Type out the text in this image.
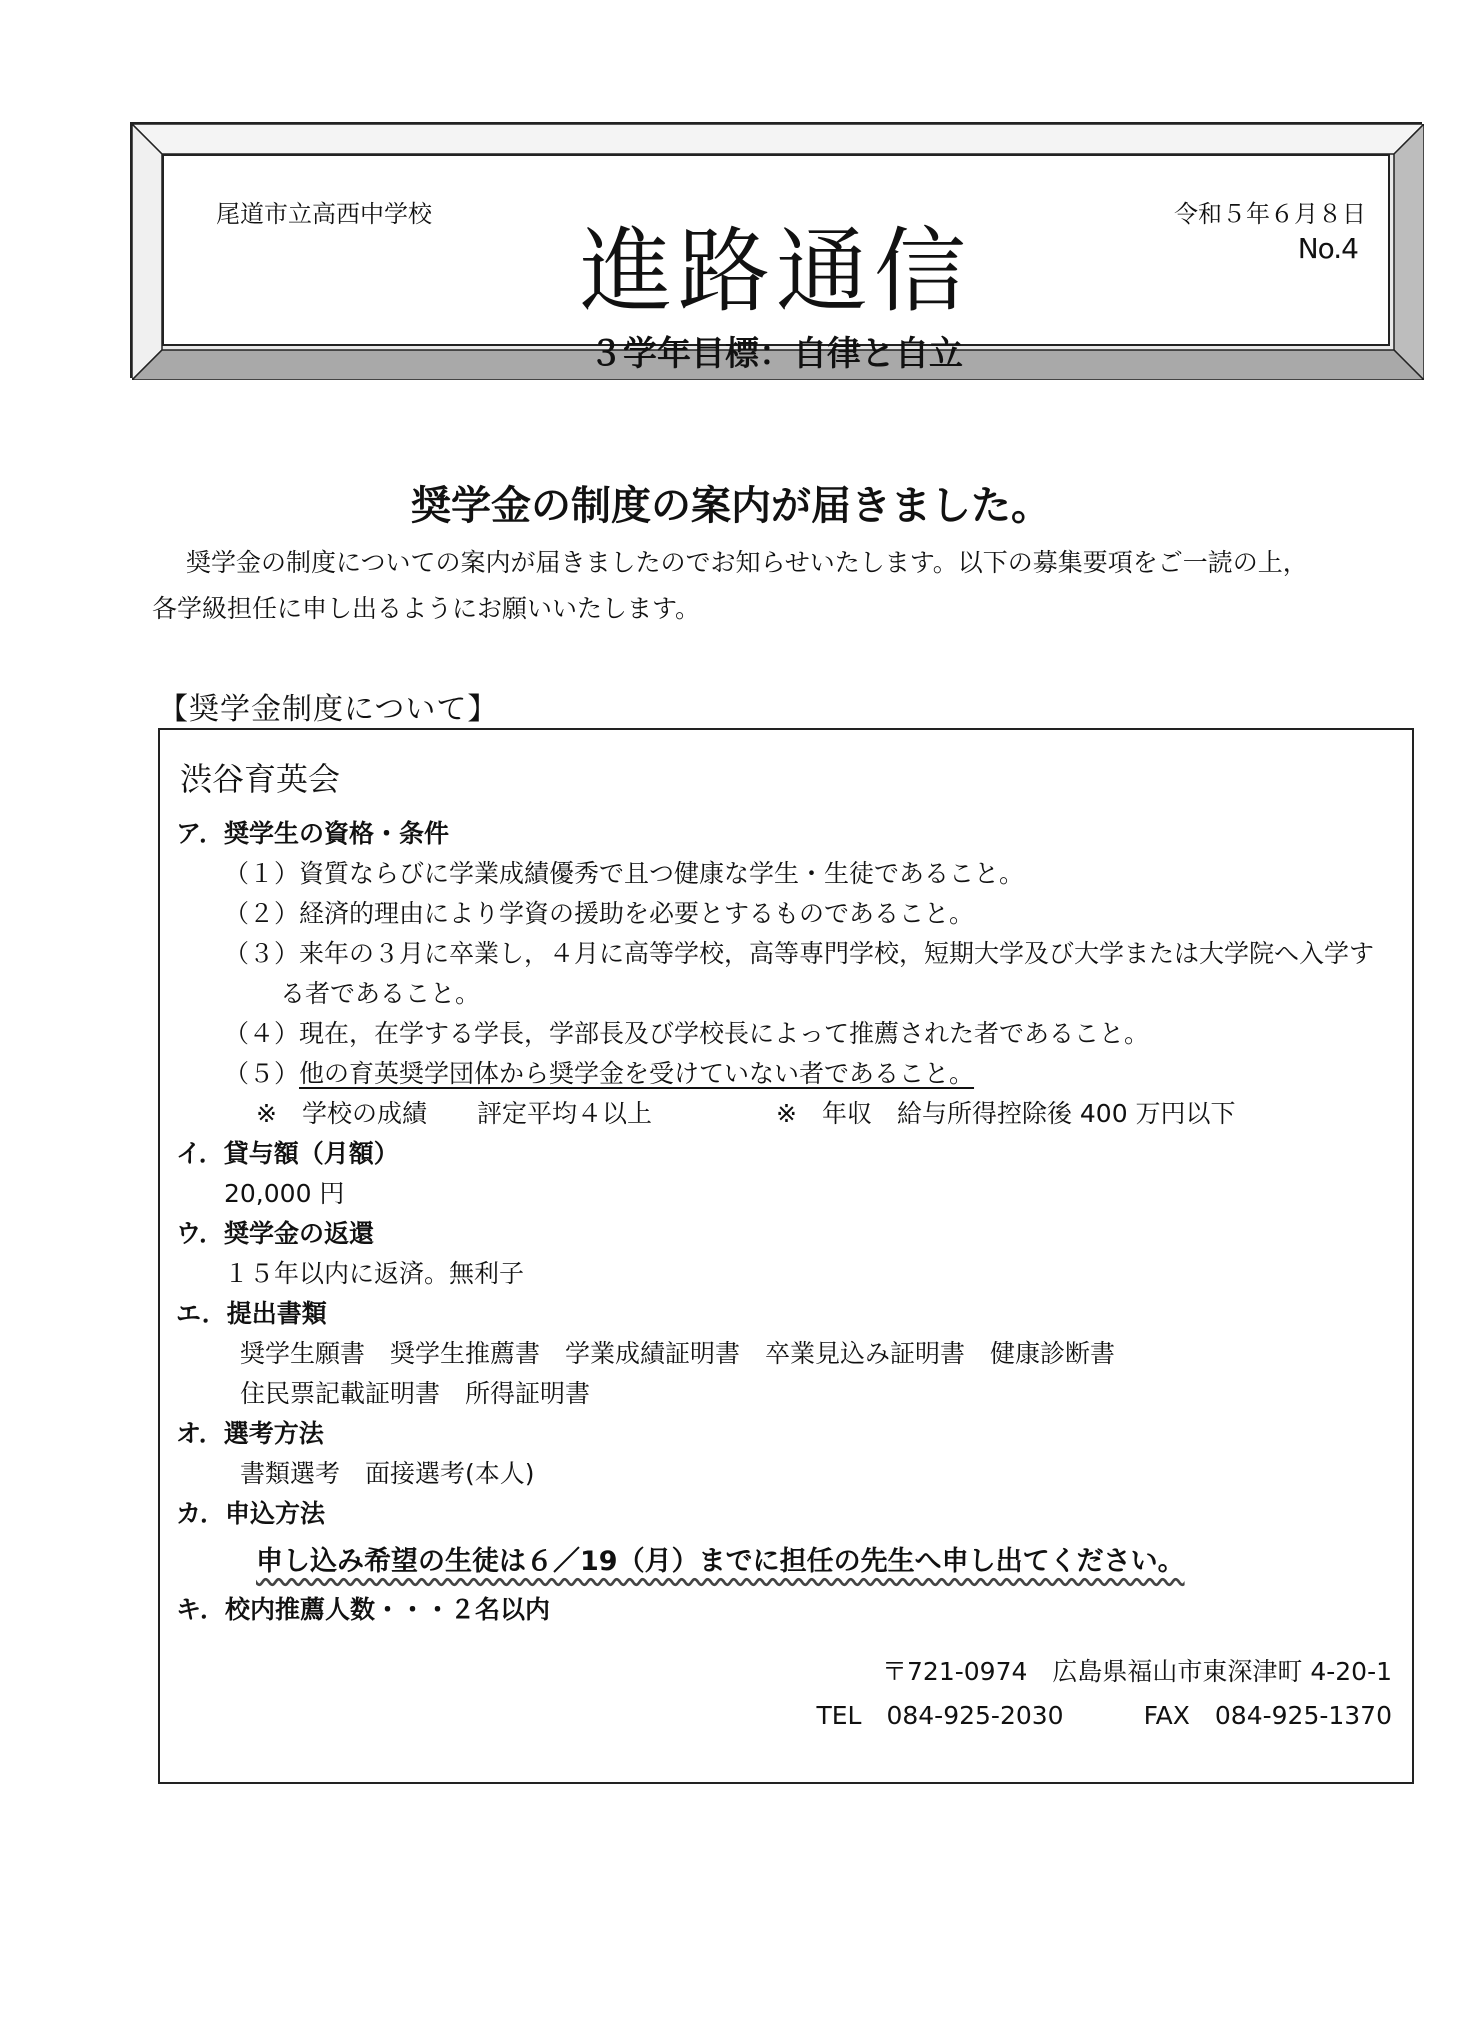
尾道市立高西中学校	令和５年６月８日
No.4
進路通信
３学年目標：自律と自立
奨学金の制度の案内が届きました。
奨学金の制度についての案内が届きましたのでお知らせいたします。以下の募集要項をご一読の上，
各学級担任に申し出るようにお願いいたします。
【奨学金制度について】
渋谷育英会
ア．奨学生の資格・条件
（１）資質ならびに学業成績優秀で且つ健康な学生・生徒であること。
（２）経済的理由により学資の援助を必要とするものであること。
（３）来年の３月に卒業し，４月に高等学校，高等専門学校，短期大学及び大学または大学院へ入学す
る者であること。
（４）現在，在学する学長，学部長及び学校長によって推薦された者であること。
（５）他の育英奨学団体から奨学金を受けていない者であること。
※　学校の成績　　評定平均４以上	※　年収　給与所得控除後 400 万円以下
イ．貸与額（月額）
20,000 円
ウ．奨学金の返還
１５年以内に返済。無利子
エ．提出書類
奨学生願書　奨学生推薦書　学業成績証明書　卒業見込み証明書　健康診断書
住民票記載証明書　所得証明書
オ．選考方法
書類選考　面接選考(本人)
カ．申込方法
申し込み希望の生徒は６／19（月）までに担任の先生へ申し出てください。
キ．校内推薦人数・・・２名以内
〒721-0974　広島県福山市東深津町 4-20-1
TEL　084-925-2030	FAX　084-925-1370
